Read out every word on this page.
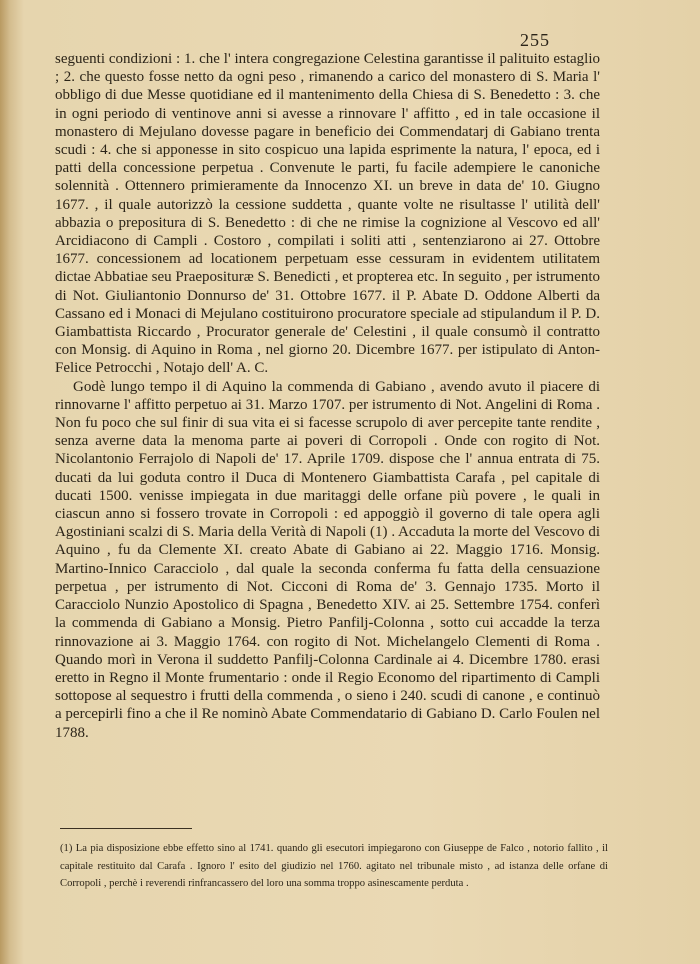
255

seguenti condizioni : 1. che l' intera congregazione Celestina garantisse il palituito estaglio ; 2. che questo fosse netto da ogni peso , rimanendo a carico del monastero di S. Maria l' obbligo di due Messe quotidiane ed il mantenimento della Chiesa di S. Benedetto : 3. che in ogni periodo di ventinove anni si avesse a rinnovare l' affitto , ed in tale occasione il monastero di Mejulano dovesse pagare in beneficio dei Commendatarj di Gabiano trenta scudi : 4. che si apponesse in sito cospicuo una lapida esprimente la natura, l' epoca, ed i patti della concessione perpetua . Convenute le parti, fu facile adempiere le canoniche solennità . Ottennero primieramente da Innocenzo XI. un breve in data de' 10. Giugno 1677. , il quale autorizzò la cessione suddetta , quante volte ne risultasse l' utilità dell' abbazia o prepositura di S. Benedetto : di che ne rimise la cognizione al Vescovo ed all' Arcidiacono di Campli . Costoro , compilati i soliti atti , sentenziarono ai 27. Ottobre 1677. concessionem ad locationem perpetuam esse cessuram in evidentem utilitatem dictae Abbatiae seu Praeposituræ S. Benedicti , et propterea etc. In seguito , per istrumento di Not. Giuliantonio Donnurso de' 31. Ottobre 1677. il P. Abate D. Oddone Alberti da Cassano ed i Monaci di Mejulano costituirono procuratore speciale ad stipulandum il P. D. Giambattista Riccardo , Procurator generale de' Celestini , il quale consumò il contratto con Monsig. di Aquino in Roma , nel giorno 20. Dicembre 1677. per istipulato di Anton-Felice Petrocchi , Notajo dell' A. C.

Godè lungo tempo il di Aquino la commenda di Gabiano , avendo avuto il piacere di rinnovarne l' affitto perpetuo ai 31. Marzo 1707. per istrumento di Not. Angelini di Roma . Non fu poco che sul finir di sua vita ei si facesse scrupolo di aver percepite tante rendite , senza averne data la menoma parte ai poveri di Corropoli . Onde con rogito di Not. Nicolantonio Ferrajolo di Napoli de' 17. Aprile 1709. dispose che l' annua entrata di 75. ducati da lui goduta contro il Duca di Montenero Giambattista Carafa , pel capitale di ducati 1500. venisse impiegata in due maritaggi delle orfane più povere , le quali in ciascun anno si fossero trovate in Corropoli : ed appoggiò il governo di tale opera agli Agostiniani scalzi di S. Maria della Verità di Napoli (1) . Accaduta la morte del Vescovo di Aquino , fu da Clemente XI. creato Abate di Gabiano ai 22. Maggio 1716. Monsig. Martino-Innico Caracciolo , dal quale la seconda conferma fu fatta della censuazione perpetua , per istrumento di Not. Cicconi di Roma de' 3. Gennajo 1735. Morto il Caracciolo Nunzio Apostolico di Spagna , Benedetto XIV. ai 25. Settembre 1754. conferì la commenda di Gabiano a Monsig. Pietro Panfilj-Colonna , sotto cui accadde la terza rinnovazione ai 3. Maggio 1764. con rogito di Not. Michelangelo Clementi di Roma . Quando morì in Verona il suddetto Panfilj-Colonna Cardinale ai 4. Dicembre 1780. erasi eretto in Regno il Monte frumentario : onde il Regio Economo del ripartimento di Campli sottopose al sequestro i frutti della commenda , o sieno i 240. scudi di canone , e continuò a percepirli fino a che il Re nominò Abate Commendatario di Gabiano D. Carlo Foulen nel 1788.

(1) La pia disposizione ebbe effetto sino al 1741. quando gli esecutori impiegarono con Giuseppe de Falco , notorio fallito , il capitale restituito dal Carafa . Ignoro l' esito del giudizio nel 1760. agitato nel tribunale misto , ad istanza delle orfane di Corropoli , perchè i reverendi rinfrancassero del loro una somma troppo asinescamente perduta .
